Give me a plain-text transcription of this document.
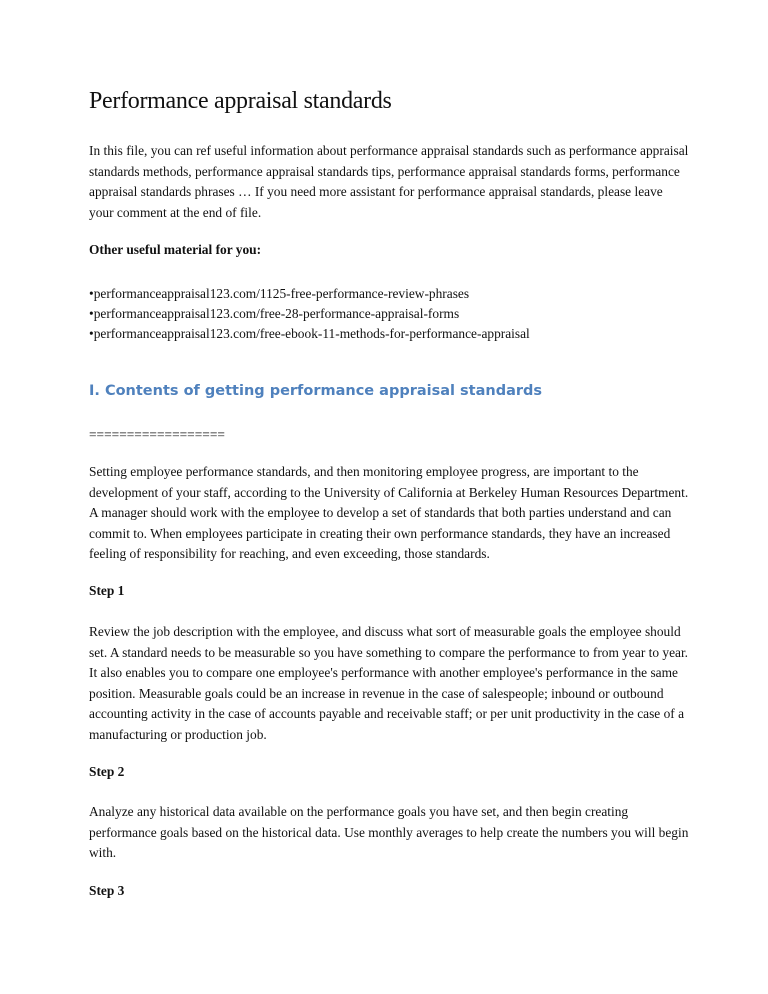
Performance appraisal standards

In this file, you can ref useful information about performance appraisal standards such as performance appraisal standards methods, performance appraisal standards tips, performance appraisal standards forms, performance appraisal standards phrases … If you need more assistant for performance appraisal standards, please leave your comment at the end of file.

Other useful material for you:
• performanceappraisal123.com/1125-free-performance-review-phrases
• performanceappraisal123.com/free-28-performance-appraisal-forms
• performanceappraisal123.com/free-ebook-11-methods-for-performance-appraisal
I. Contents of getting performance appraisal standards
==================

Setting employee performance standards, and then monitoring employee progress, are important to the development of your staff, according to the University of California at Berkeley Human Resources Department. A manager should work with the employee to develop a set of standards that both parties understand and can commit to. When employees participate in creating their own performance standards, they have an increased feeling of responsibility for reaching, and even exceeding, those standards.

Step 1

Review the job description with the employee, and discuss what sort of measurable goals the employee should set. A standard needs to be measurable so you have something to compare the performance to from year to year. It also enables you to compare one employee's performance with another employee's performance in the same position. Measurable goals could be an increase in revenue in the case of salespeople; inbound or outbound accounting activity in the case of accounts payable and receivable staff; or per unit productivity in the case of a manufacturing or production job.

Step 2

Analyze any historical data available on the performance goals you have set, and then begin creating performance goals based on the historical data. Use monthly averages to help create the numbers you will begin with.

Step 3
